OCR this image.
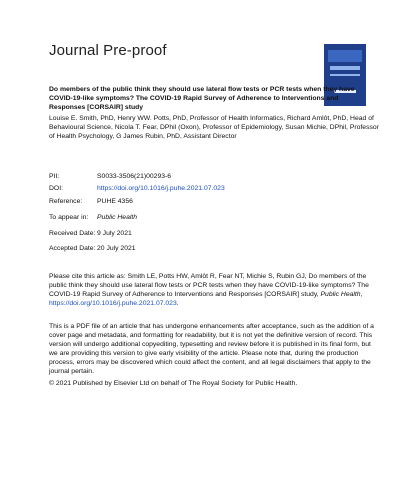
Journal Pre-proof
Do members of the public think they should use lateral flow tests or PCR tests when they have COVID-19-like symptoms? The COVID-19 Rapid Survey of Adherence to Interventions and Responses [CORSAIR] study
Louise E. Smith, PhD, Henry WW. Potts, PhD, Professor of Health Informatics, Richard Amlôt, PhD, Head of Behavioural Science, Nicola T. Fear, DPhil (Oxon), Professor of Epidemiology, Susan Michie, DPhil, Professor of Health Psychology, G James Rubin, PhD, Assistant Director
PII:	S0033-3506(21)00293-6
DOI:	https://doi.org/10.1016/j.puhe.2021.07.023
Reference: PUHE 4356
To appear in: Public Health
Received Date: 9 July 2021
Accepted Date: 20 July 2021
Please cite this article as: Smith LE, Potts HW, Amlôt R, Fear NT, Michie S, Rubin GJ, Do members of the public think they should use lateral flow tests or PCR tests when they have COVID-19-like symptoms? The COVID-19 Rapid Survey of Adherence to Interventions and Responses [CORSAIR] study, Public Health, https://doi.org/10.1016/j.puhe.2021.07.023.
This is a PDF file of an article that has undergone enhancements after acceptance, such as the addition of a cover page and metadata, and formatting for readability, but it is not yet the definitive version of record. This version will undergo additional copyediting, typesetting and review before it is published in its final form, but we are providing this version to give early visibility of the article. Please note that, during the production process, errors may be discovered which could affect the content, and all legal disclaimers that apply to the journal pertain.
© 2021 Published by Elsevier Ltd on behalf of The Royal Society for Public Health.
